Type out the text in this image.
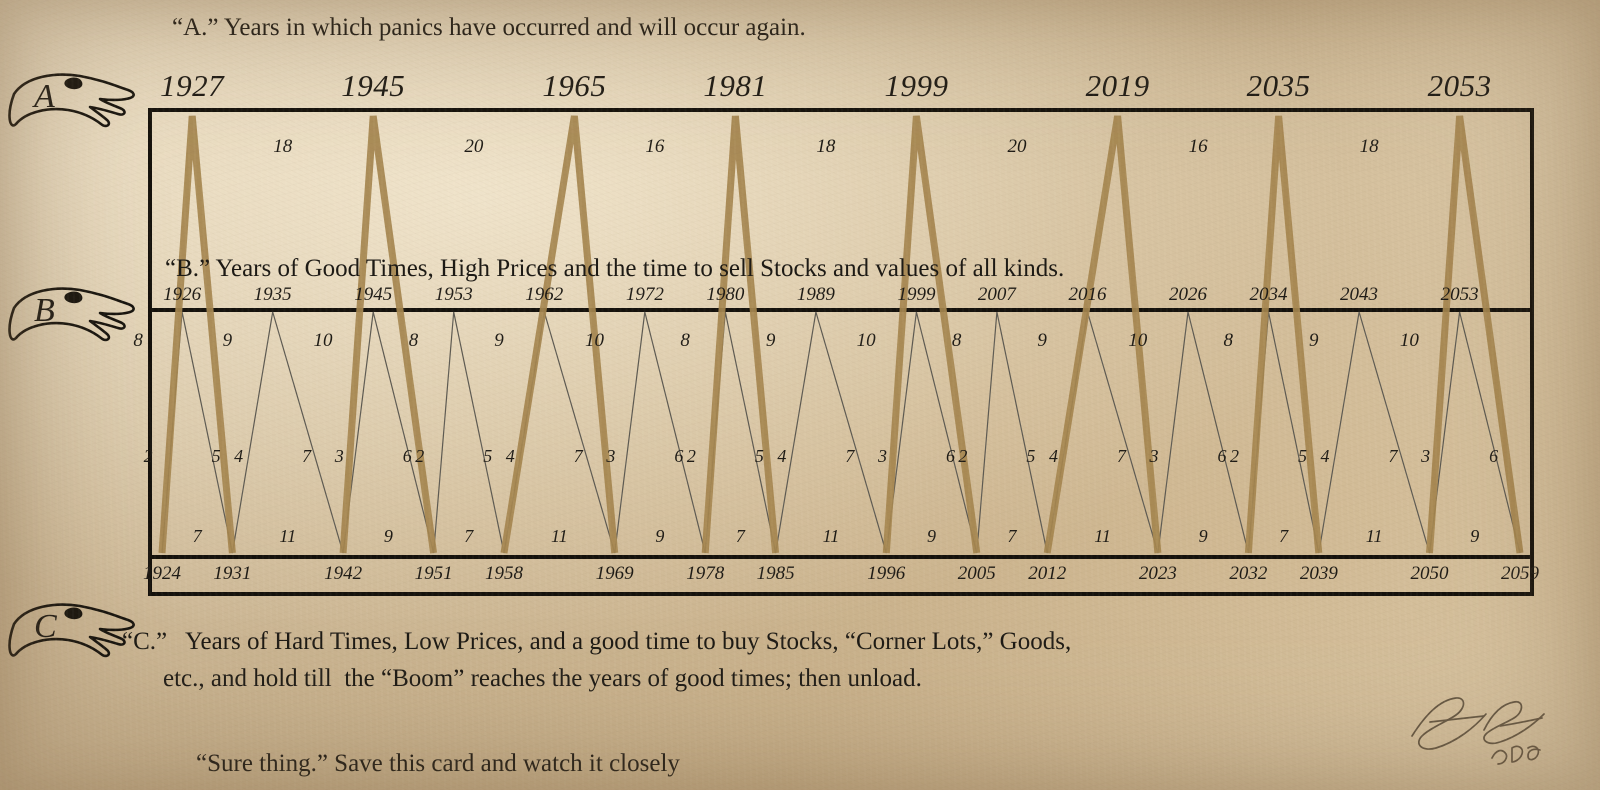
“A.” Years in which panics have occurred and will occur again.
“B.” Years of Good Times, High Prices and the time to sell Stocks and values of all kinds.
“C.”   Years of Hard Times, Low Prices, and a good time to buy Stocks, “Corner Lots,” Goods,
etc., and hold till  the “Boom” reaches the years of good times; then unload.
“Sure thing.” Save this card and watch it closely
A
B
C
1927	1945	1965	1981	1999	2019	2035	2053
18	20	16	18	20	16	18
1926	1935	1945 1953	1962	1972 1980	1989	1999 2007	2016	2026 2034	2043	2053
8	9	10	8	9	10	8	9	10	8	9	10	8	9	10
1924 1931	1942	1951 1958	1969	1978 1985	1996	2005 2012	2023	2032 2039	2050	2059
7	11	9	7	11	9	7	11	9	7	11	9	7	11	9
2	5 4	7 3	6 2	5 4	7 3	6 2	5 4	7 3	6 2	5 4	7 3	6 2	5 4	7 3	6
